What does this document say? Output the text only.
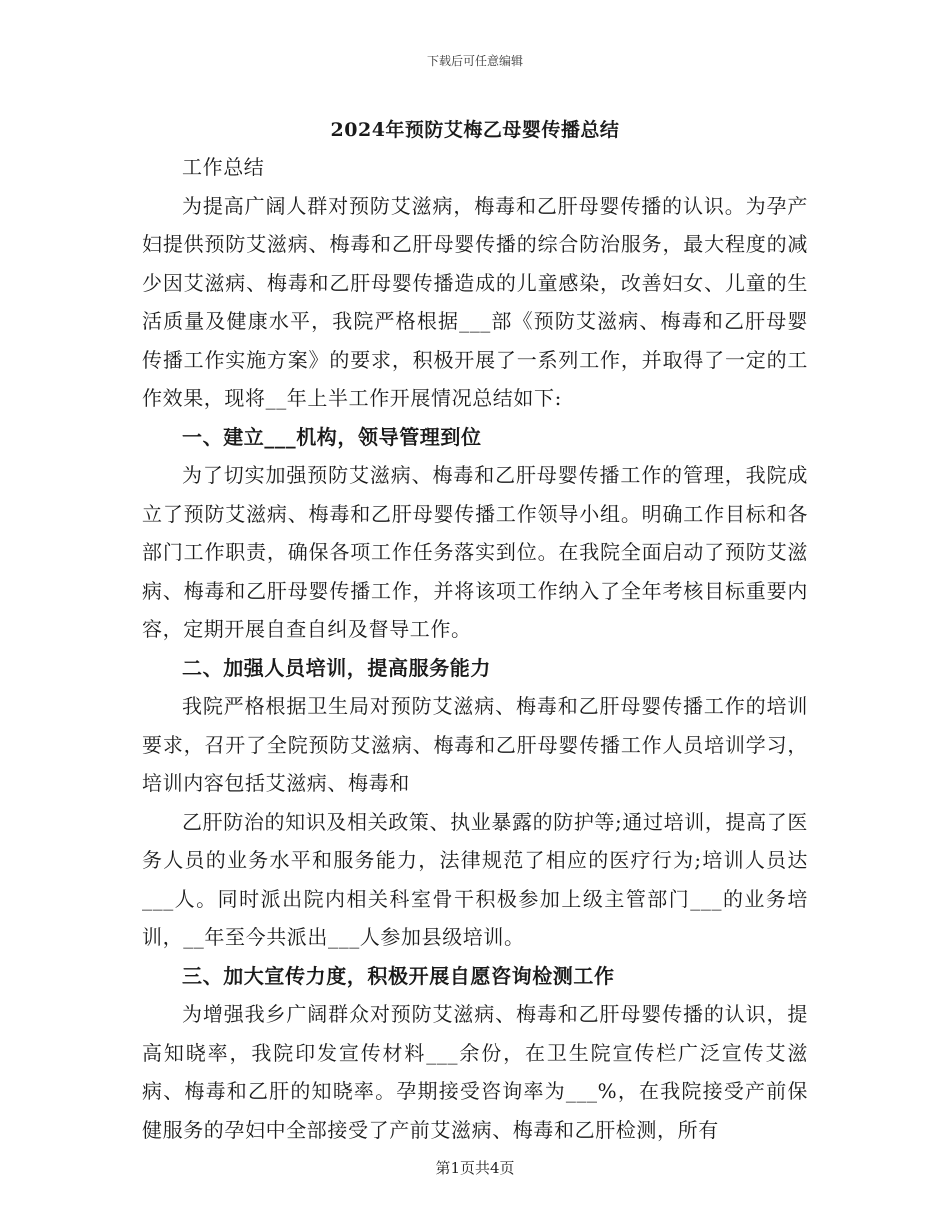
下载后可任意编辑
2024年预防艾梅乙母婴传播总结

工作总结

为提高广阔人群对预防艾滋病，梅毒和乙肝母婴传播的认识。为孕产妇提供预防艾滋病、梅毒和乙肝母婴传播的综合防治服务，最大程度的减少因艾滋病、梅毒和乙肝母婴传播造成的儿童感染，改善妇女、儿童的生活质量及健康水平，我院严格根据___部《预防艾滋病、梅毒和乙肝母婴传播工作实施方案》的要求，积极开展了一系列工作，并取得了一定的工作效果，现将__年上半工作开展情况总结如下:

一、建立___机构，领导管理到位

为了切实加强预防艾滋病、梅毒和乙肝母婴传播工作的管理，我院成立了预防艾滋病、梅毒和乙肝母婴传播工作领导小组。明确工作目标和各部门工作职责，确保各项工作任务落实到位。在我院全面启动了预防艾滋病、梅毒和乙肝母婴传播工作，并将该项工作纳入了全年考核目标重要内容，定期开展自查自纠及督导工作。

二、加强人员培训，提高服务能力

我院严格根据卫生局对预防艾滋病、梅毒和乙肝母婴传播工作的培训要求，召开了全院预防艾滋病、梅毒和乙肝母婴传播工作人员培训学习，培训内容包括艾滋病、梅毒和

乙肝防治的知识及相关政策、执业暴露的防护等;通过培训，提高了医务人员的业务水平和服务能力，法律规范了相应的医疗行为;培训人员达___人。同时派出院内相关科室骨干积极参加上级主管部门___的业务培训，__年至今共派出___人参加县级培训。

三、加大宣传力度，积极开展自愿咨询检测工作

为增强我乡广阔群众对预防艾滋病、梅毒和乙肝母婴传播的认识，提高知晓率，我院印发宣传材料___余份，在卫生院宣传栏广泛宣传艾滋病、梅毒和乙肝的知晓率。孕期接受咨询率为___%，在我院接受产前保健服务的孕妇中全部接受了产前艾滋病、梅毒和乙肝检测，所有

第1页共4页
